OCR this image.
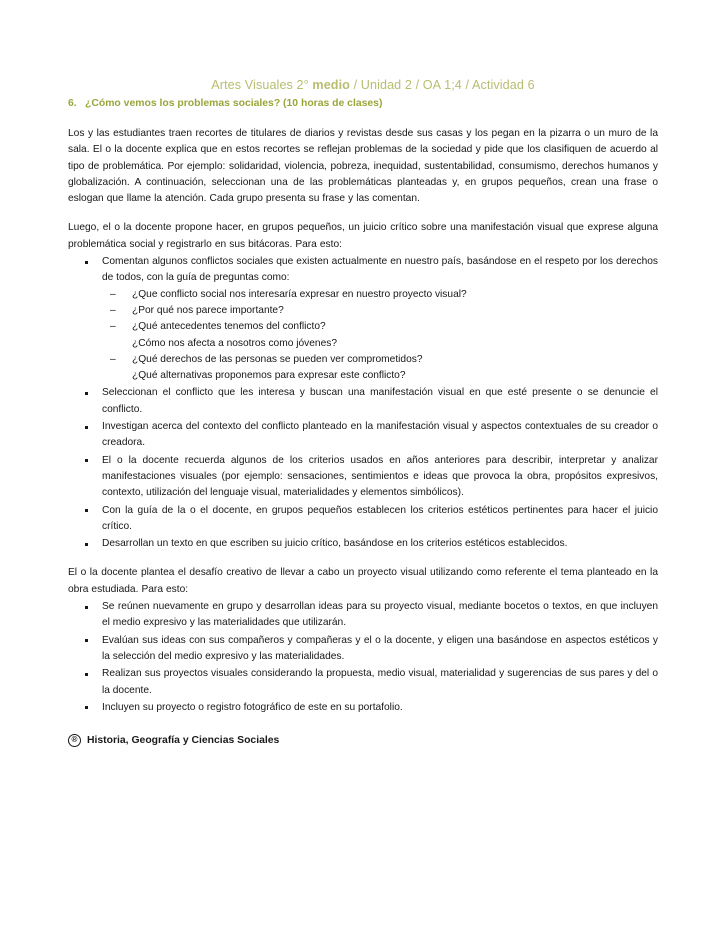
Artes Visuales 2° medio / Unidad 2 / OA 1;4 / Actividad 6
6. ¿Cómo vemos los problemas sociales? (10 horas de clases)

Los y las estudiantes traen recortes de titulares de diarios y revistas desde sus casas y los pegan en la pizarra o un muro de la sala. El o la docente explica que en estos recortes se reflejan problemas de la sociedad y pide que los clasifiquen de acuerdo al tipo de problemática. Por ejemplo: solidaridad, violencia, pobreza, inequidad, sustentabilidad, consumismo, derechos humanos y globalización. A continuación, seleccionan una de las problemáticas planteadas y, en grupos pequeños, crean una frase o eslogan que llame la atención. Cada grupo presenta su frase y las comentan.

Luego, el o la docente propone hacer, en grupos pequeños, un juicio crítico sobre una manifestación visual que exprese alguna problemática social y registrarlo en sus bitácoras. Para esto:

Comentan algunos conflictos sociales que existen actualmente en nuestro país, basándose en el respeto por los derechos de todos, con la guía de preguntas como:
– ¿Que conflicto social nos interesaría expresar en nuestro proyecto visual?
– ¿Por qué nos parece importante?
– ¿Qué antecedentes tenemos del conflicto?
¿Cómo nos afecta a nosotros como jóvenes?
– ¿Qué derechos de las personas se pueden ver comprometidos?
¿Qué alternativas proponemos para expresar este conflicto?
Seleccionan el conflicto que les interesa y buscan una manifestación visual en que esté presente o se denuncie el conflicto.
Investigan acerca del contexto del conflicto planteado en la manifestación visual y aspectos contextuales de su creador o creadora.
El o la docente recuerda algunos de los criterios usados en años anteriores para describir, interpretar y analizar manifestaciones visuales (por ejemplo: sensaciones, sentimientos e ideas que provoca la obra, propósitos expresivos, contexto, utilización del lenguaje visual, materialidades y elementos simbólicos).
Con la guía de la o el docente, en grupos pequeños establecen los criterios estéticos pertinentes para hacer el juicio crítico.
Desarrollan un texto en que escriben su juicio crítico, basándose en los criterios estéticos establecidos.

El o la docente plantea el desafío creativo de llevar a cabo un proyecto visual utilizando como referente el tema planteado en la obra estudiada. Para esto:

Se reúnen nuevamente en grupo y desarrollan ideas para su proyecto visual, mediante bocetos o textos, en que incluyen el medio expresivo y las materialidades que utilizarán.
Evalúan sus ideas con sus compañeros y compañeras y el o la docente, y eligen una basándose en aspectos estéticos y la selección del medio expresivo y las materialidades.
Realizan sus proyectos visuales considerando la propuesta, medio visual, materialidad y sugerencias de sus pares y del o la docente.
Incluyen su proyecto o registro fotográfico de este en su portafolio.
® Historia, Geografía y Ciencias Sociales
